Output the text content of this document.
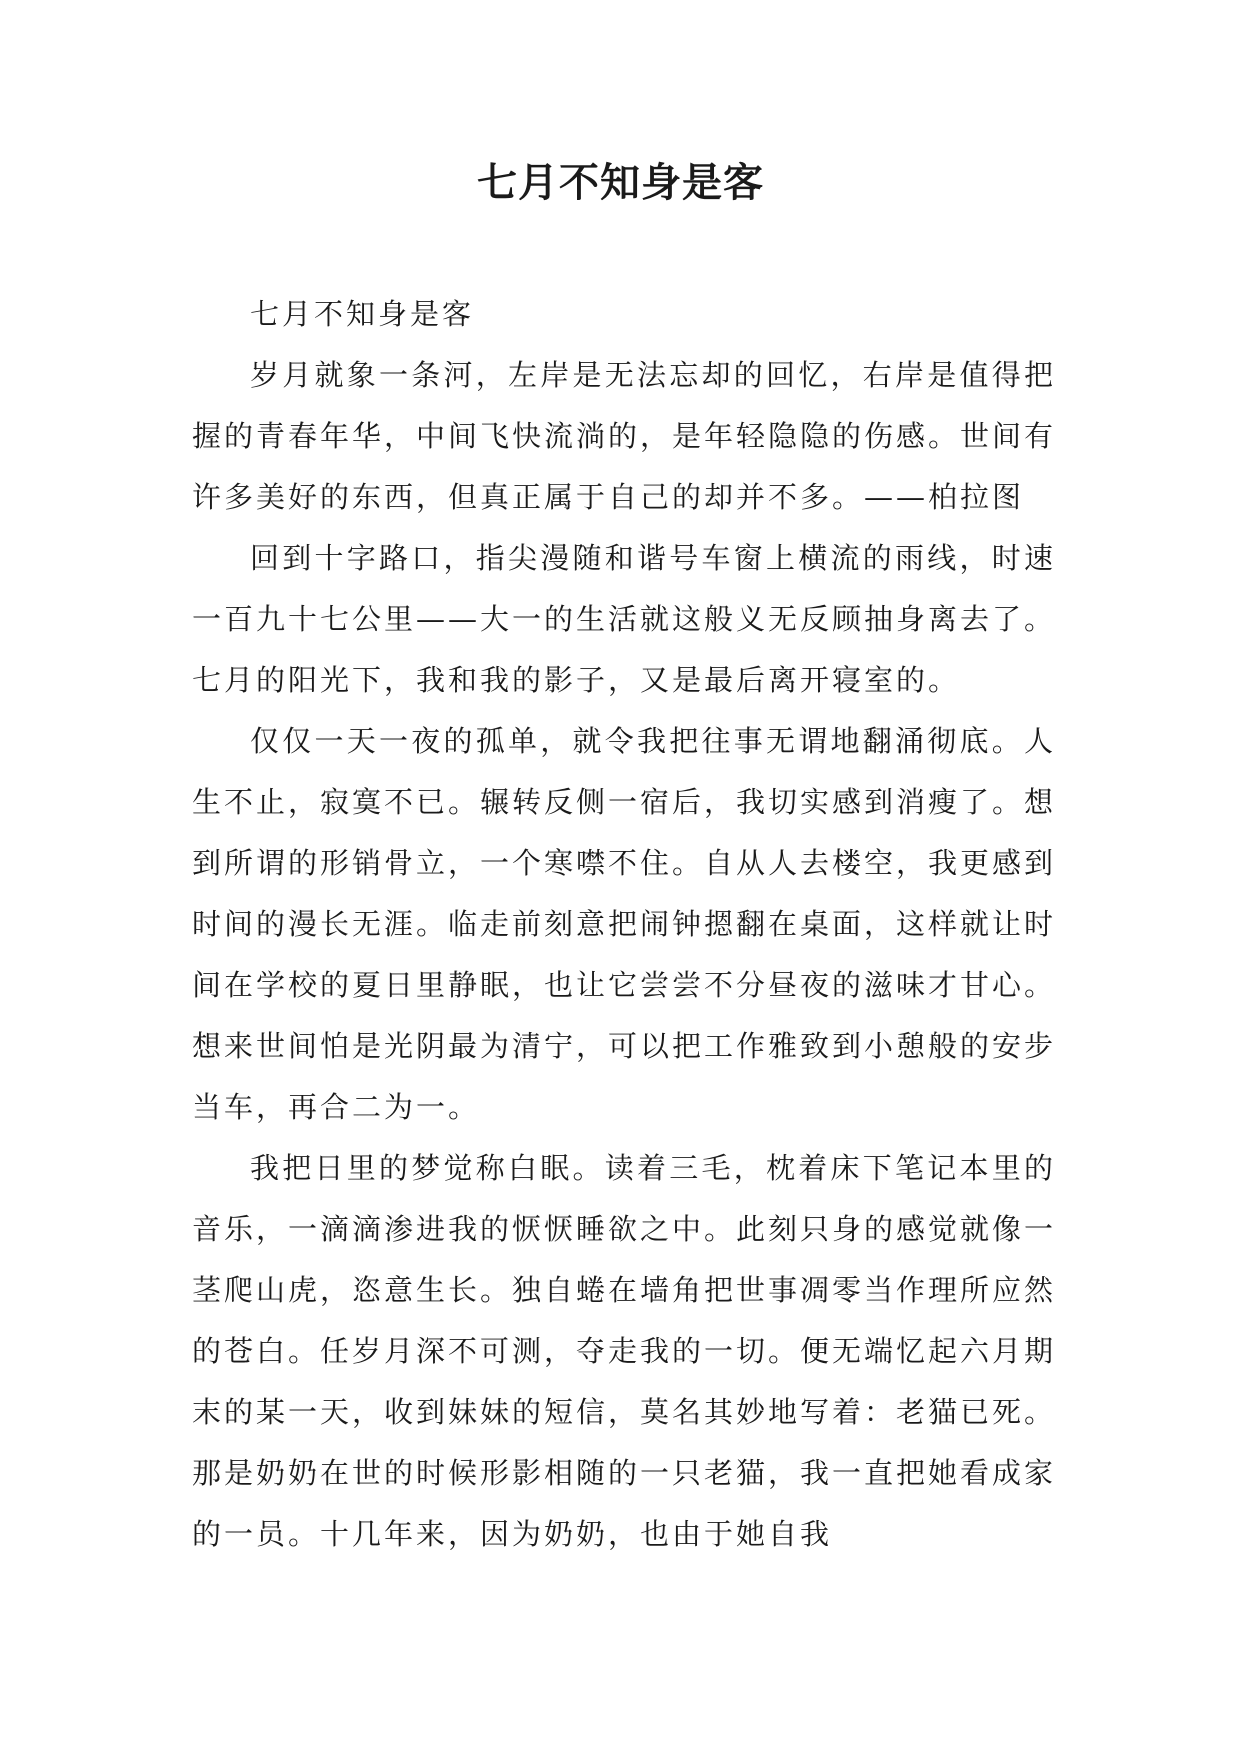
七月不知身是客

七月不知身是客

岁月就象一条河，左岸是无法忘却的回忆，右岸是值得把握的青春年华，中间飞快流淌的，是年轻隐隐的伤感。世间有许多美好的东西，但真正属于自己的却并不多。——柏拉图

回到十字路口，指尖漫随和谐号车窗上横流的雨线，时速一百九十七公里——大一的生活就这般义无反顾抽身离去了。七月的阳光下，我和我的影子，又是最后离开寝室的。

仅仅一天一夜的孤单，就令我把往事无谓地翻涌彻底。人生不止，寂寞不已。辗转反侧一宿后，我切实感到消瘦了。想到所谓的形销骨立，一个寒噤不住。自从人去楼空，我更感到时间的漫长无涯。临走前刻意把闹钟摁翻在桌面，这样就让时间在学校的夏日里静眠，也让它尝尝不分昼夜的滋味才甘心。想来世间怕是光阴最为清宁，可以把工作雅致到小憩般的安步当车，再合二为一。

我把日里的梦觉称白眠。读着三毛，枕着床下笔记本里的音乐，一滴滴渗进我的恹恹睡欲之中。此刻只身的感觉就像一茎爬山虎，恣意生长。独自蜷在墙角把世事凋零当作理所应然的苍白。任岁月深不可测，夺走我的一切。便无端忆起六月期末的某一天，收到妹妹的短信，莫名其妙地写着：老猫已死。那是奶奶在世的时候形影相随的一只老猫，我一直把她看成家的一员。十几年来，因为奶奶，也由于她自我
